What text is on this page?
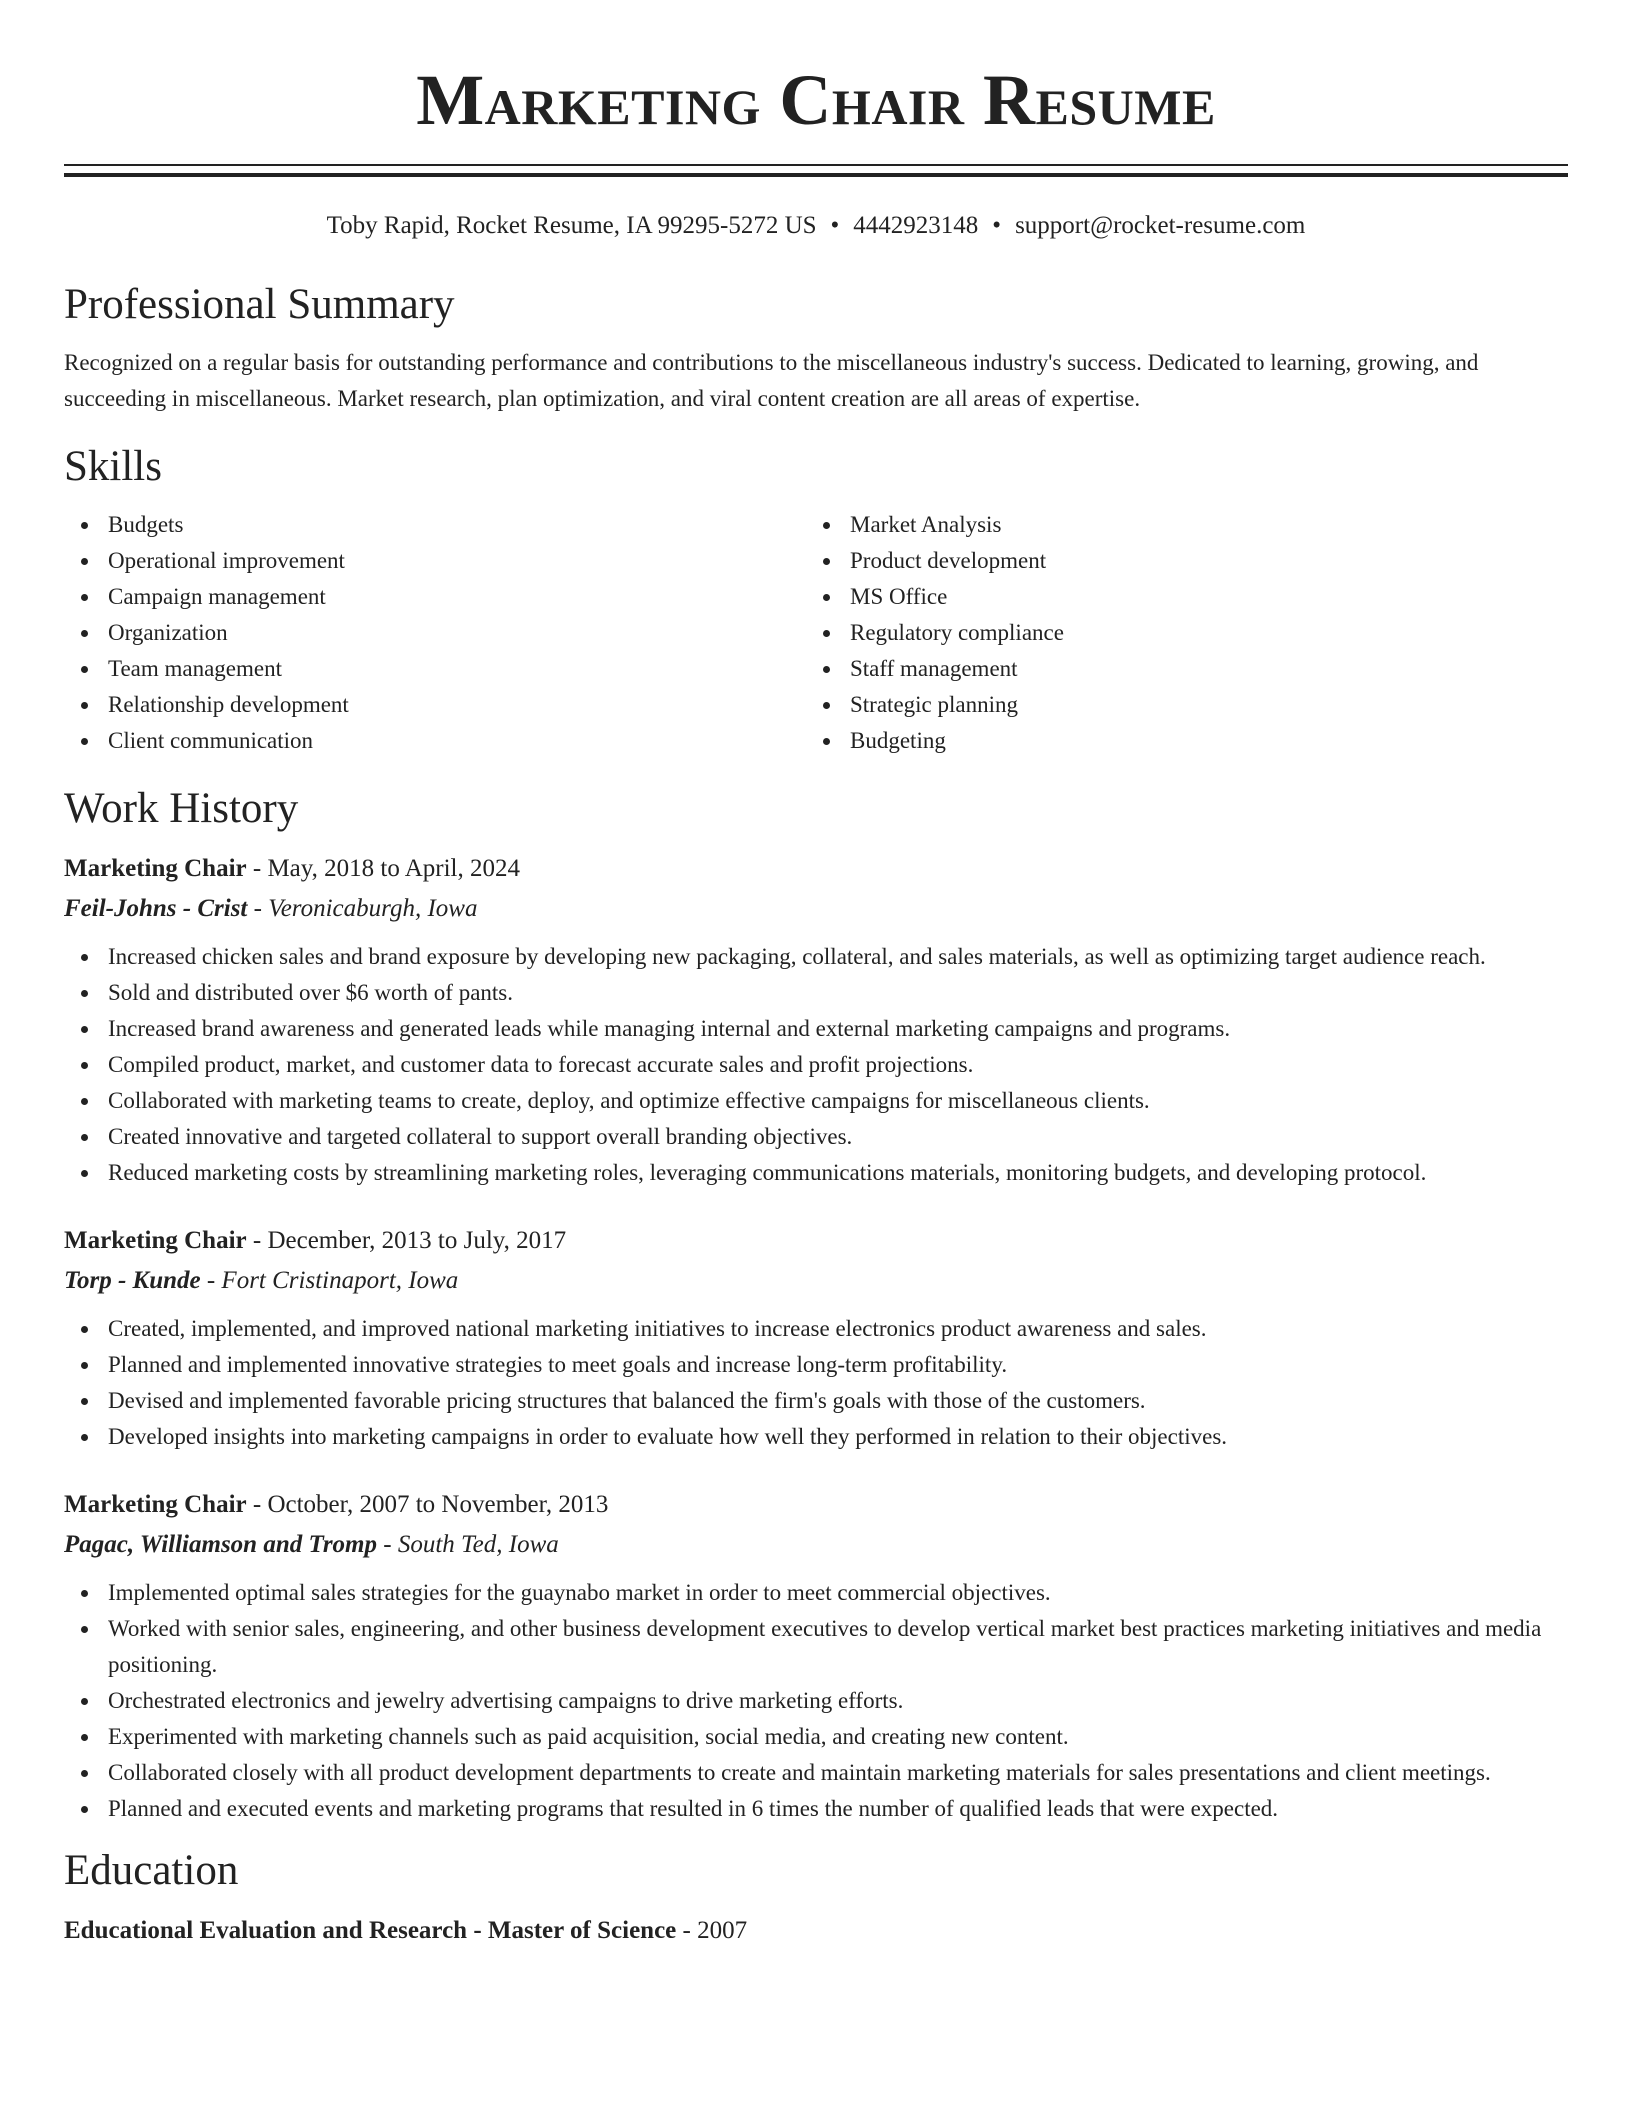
Marketing Chair Resume
Toby Rapid, Rocket Resume, IA 99295-5272 US • 4442923148 • support@rocket-resume.com
Professional Summary
Recognized on a regular basis for outstanding performance and contributions to the miscellaneous industry's success. Dedicated to learning, growing, and succeeding in miscellaneous. Market research, plan optimization, and viral content creation are all areas of expertise.
Skills
Budgets
Operational improvement
Campaign management
Organization
Team management
Relationship development
Client communication
Market Analysis
Product development
MS Office
Regulatory compliance
Staff management
Strategic planning
Budgeting
Work History
Marketing Chair - May, 2018 to April, 2024
Feil-Johns - Crist - Veronicaburgh, Iowa
Increased chicken sales and brand exposure by developing new packaging, collateral, and sales materials, as well as optimizing target audience reach.
Sold and distributed over $6 worth of pants.
Increased brand awareness and generated leads while managing internal and external marketing campaigns and programs.
Compiled product, market, and customer data to forecast accurate sales and profit projections.
Collaborated with marketing teams to create, deploy, and optimize effective campaigns for miscellaneous clients.
Created innovative and targeted collateral to support overall branding objectives.
Reduced marketing costs by streamlining marketing roles, leveraging communications materials, monitoring budgets, and developing protocol.
Marketing Chair - December, 2013 to July, 2017
Torp - Kunde - Fort Cristinaport, Iowa
Created, implemented, and improved national marketing initiatives to increase electronics product awareness and sales.
Planned and implemented innovative strategies to meet goals and increase long-term profitability.
Devised and implemented favorable pricing structures that balanced the firm's goals with those of the customers.
Developed insights into marketing campaigns in order to evaluate how well they performed in relation to their objectives.
Marketing Chair - October, 2007 to November, 2013
Pagac, Williamson and Tromp - South Ted, Iowa
Implemented optimal sales strategies for the guaynabo market in order to meet commercial objectives.
Worked with senior sales, engineering, and other business development executives to develop vertical market best practices marketing initiatives and media positioning.
Orchestrated electronics and jewelry advertising campaigns to drive marketing efforts.
Experimented with marketing channels such as paid acquisition, social media, and creating new content.
Collaborated closely with all product development departments to create and maintain marketing materials for sales presentations and client meetings.
Planned and executed events and marketing programs that resulted in 6 times the number of qualified leads that were expected.
Education
Educational Evaluation and Research - Master of Science - 2007
